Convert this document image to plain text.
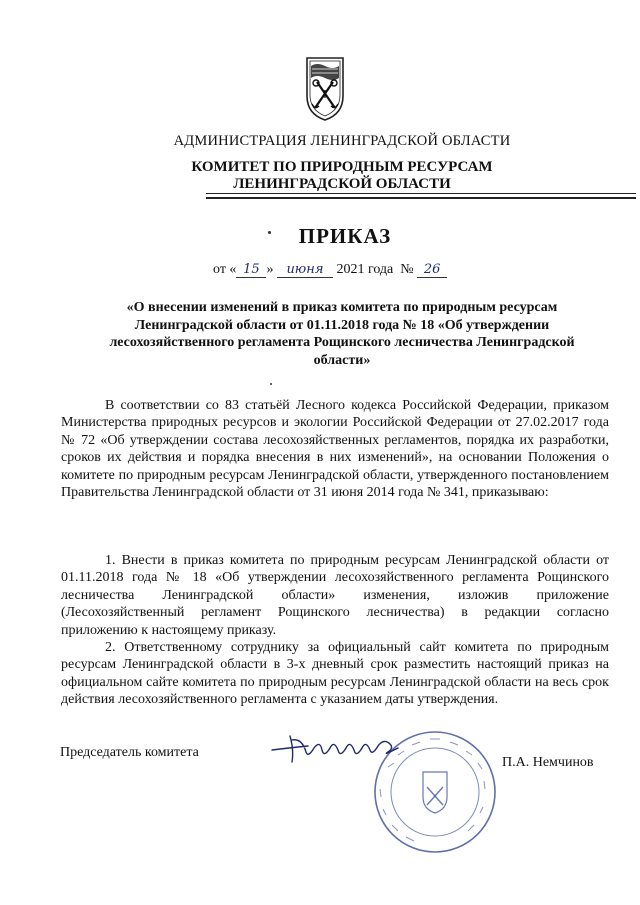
АДМИНИСТРАЦИЯ ЛЕНИНГРАДСКОЙ ОБЛАСТИ
КОМИТЕТ ПО ПРИРОДНЫМ РЕСУРСАМ
ЛЕНИНГРАДСКОЙ ОБЛАСТИ
ПРИКАЗ
от « 15 » июня 2021 года № 26
«О внесении изменений в приказ комитета по природным ресурсам Ленинградской области от 01.11.2018 года № 18 «Об утверждении лесохозяйственного регламента Рощинского лесничества Ленинградской области»
В соответствии со 83 статьёй Лесного кодекса Российской Федерации, приказом Министерства природных ресурсов и экологии Российской Федерации от 27.02.2017 года № 72 «Об утверждении состава лесохозяйственных регламентов, порядка их разработки, сроков их действия и порядка внесения в них изменений», на основании Положения о комитете по природным ресурсам Ленинградской области, утвержденного постановлением Правительства Ленинградской области от 31 июня 2014 года № 341, приказываю:
1. Внести в приказ комитета по природным ресурсам Ленинградской области от 01.11.2018 года № 18 «Об утверждении лесохозяйственного регламента Рощинского лесничества Ленинградской области» изменения, изложив приложение (Лесохозяйственный регламент Рощинского лесничества) в редакции согласно приложению к настоящему приказу.
2. Ответственному сотруднику за официальный сайт комитета по природным ресурсам Ленинградской области в 3-х дневный срок разместить настоящий приказ на официальном сайте комитета по природным ресурсам Ленинградской области на весь срок действия лесохозяйственного регламента с указанием даты утверждения.
Председатель комитета
П.А. Немчинов
